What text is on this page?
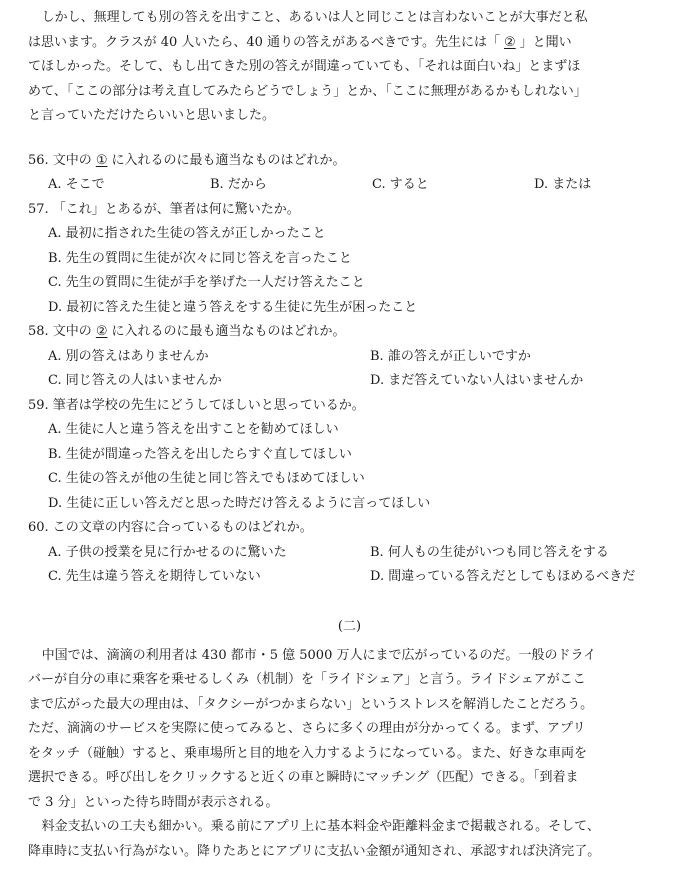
しかし、無理しても別の答えを出すこと、あるいは人と同じことは言わないことが大事だと私

は思います。クラスが 40 人いたら、40 通りの答えがあるべきです。先生には「 ② 」と聞い

てほしかった。そして、もし出てきた別の答えが間違っていても、「それは面白いね」とまずほ

めて、「ここの部分は考え直してみたらどうでしょう」とか、「ここに無理があるかもしれない」

と言っていただけたらいいと思いました。

56. 文中の ① に入れるのに最も適当なものはどれか。

A. そこで	B. だから	C. すると	D. または

57. 「これ」とあるが、筆者は何に驚いたか。

A. 最初に指された生徒の答えが正しかったこと
B. 先生の質問に生徒が次々に同じ答えを言ったこと
C. 先生の質問に生徒が手を挙げた一人だけ答えたこと
D. 最初に答えた生徒と違う答えをする生徒に先生が困ったこと

58. 文中の ② に入れるのに最も適当なものはどれか。

A. 別の答えはありませんか	B. 誰の答えが正しいですか
C. 同じ答えの人はいませんか	D. まだ答えていない人はいませんか

59. 筆者は学校の先生にどうしてほしいと思っているか。

A. 生徒に人と違う答えを出すことを勧めてほしい
B. 生徒が間違った答えを出したらすぐ直してほしい
C. 生徒の答えが他の生徒と同じ答えでもほめてほしい
D. 生徒に正しい答えだと思った時だけ答えるように言ってほしい

60. この文章の内容に合っているものはどれか。

A. 子供の授業を見に行かせるのに驚いた	B. 何人もの生徒がいつも同じ答えをする
C. 先生は違う答えを期待していない	D. 間違っている答えだとしてもほめるべきだ
(二)

中国では、滴滴の利用者は 430 都市・5 億 5000 万人にまで広がっているのだ。一般のドライ

バーが自分の車に乗客を乗せるしくみ（机制）を「ライドシェア」と言う。ライドシェアがここ

まで広がった最大の理由は、「タクシーがつかまらない」というストレスを解消したことだろう。

ただ、滴滴のサービスを実際に使ってみると、さらに多くの理由が分かってくる。まず、アプリ

をタッチ（碰触）すると、乗車場所と目的地を入力するようになっている。また、好きな車両を

選択できる。呼び出しをクリックすると近くの車と瞬時にマッチング（匹配）できる。「到着ま

で 3 分」といった待ち時間が表示される。

料金支払いの工夫も細かい。乗る前にアプリ上に基本料金や距離料金まで掲載される。そして、

降車時に支払い行為がない。降りたあとにアプリに支払い金額が通知され、承認すれば決済完了。
